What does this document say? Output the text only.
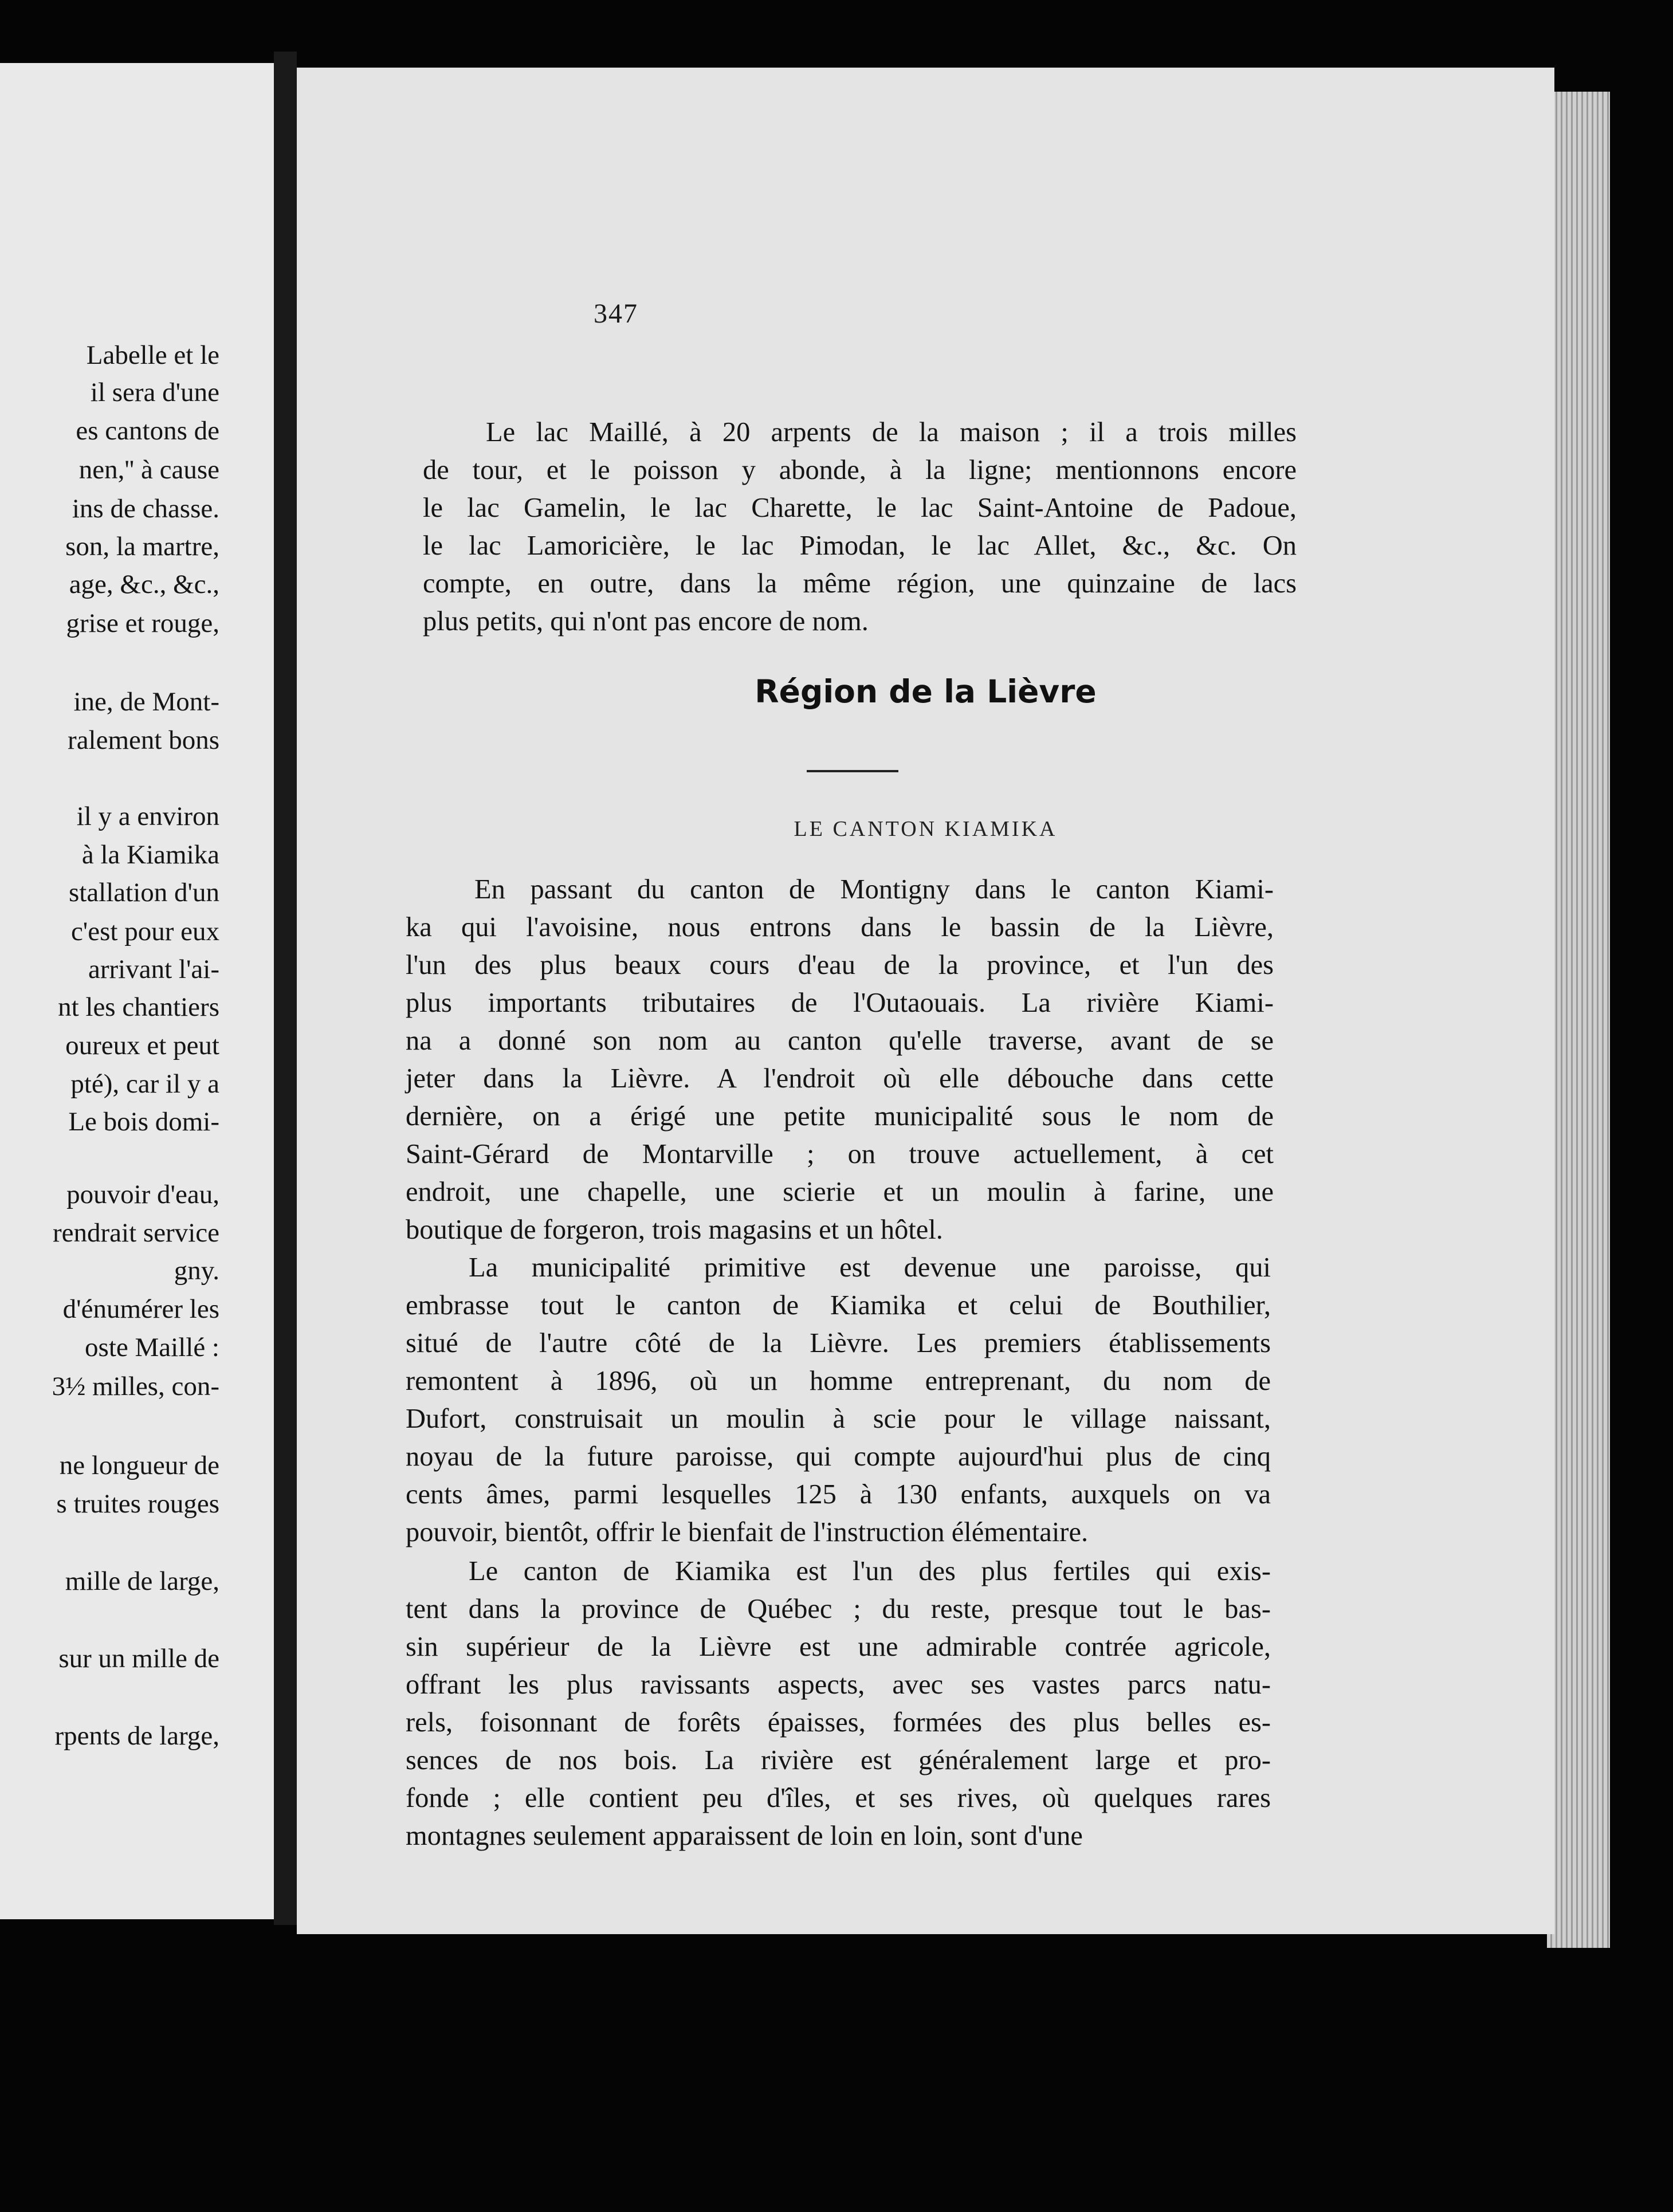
Labelle et le
il sera d'une
es cantons de
nen,'' à cause
ins de chasse.
son, la martre,
age, &c., &c.,
grise et rouge,
ine, de Mont-
ralement bons
il y a environ
à la Kiamika
stallation d'un
c'est pour eux
arrivant l'ai-
nt les chantiers
oureux et peut
pté), car il y a
Le bois domi-
pouvoir d'eau,
rendrait service
gny.
d'énumérer les
oste Maillé :
3½ milles, con-
ne longueur de
s truites rouges
mille de large,
sur un mille de
rpents de large,
347
Le lac Maillé, à 20 arpents de la maison ; il a trois milles
de tour, et le poisson y abonde, à la ligne; mentionnons encore
le lac Gamelin, le lac Charette, le lac Saint-Antoine de Padoue,
le lac Lamoricière, le lac Pimodan, le lac Allet, &c., &c. On
compte, en outre, dans la même région, une quinzaine de lacs
plus petits, qui n'ont pas encore de nom.
Région de la Lièvre
LE CANTON KIAMIKA
En passant du canton de Montigny dans le canton Kiami-
ka qui l'avoisine, nous entrons dans le bassin de la Lièvre,
l'un des plus beaux cours d'eau de la province, et l'un des
plus importants tributaires de l'Outaouais. La rivière Kiami-
na a donné son nom au canton qu'elle traverse, avant de se
jeter dans la Lièvre. A l'endroit où elle débouche dans cette
dernière, on a érigé une petite municipalité sous le nom de
Saint-Gérard de Montarville ; on trouve actuellement, à cet
endroit, une chapelle, une scierie et un moulin à farine, une
boutique de forgeron, trois magasins et un hôtel.
La municipalité primitive est devenue une paroisse, qui
embrasse tout le canton de Kiamika et celui de Bouthilier,
situé de l'autre côté de la Lièvre. Les premiers établissements
remontent à 1896, où un homme entreprenant, du nom de
Dufort, construisait un moulin à scie pour le village naissant,
noyau de la future paroisse, qui compte aujourd'hui plus de cinq
cents âmes, parmi lesquelles 125 à 130 enfants, auxquels on va
pouvoir, bientôt, offrir le bienfait de l'instruction élémentaire.
Le canton de Kiamika est l'un des plus fertiles qui exis-
tent dans la province de Québec ; du reste, presque tout le bas-
sin supérieur de la Lièvre est une admirable contrée agricole,
offrant les plus ravissants aspects, avec ses vastes parcs natu-
rels, foisonnant de forêts épaisses, formées des plus belles es-
sences de nos bois. La rivière est généralement large et pro-
fonde ; elle contient peu d'îles, et ses rives, où quelques rares
montagnes seulement apparaissent de loin en loin, sont d'une
